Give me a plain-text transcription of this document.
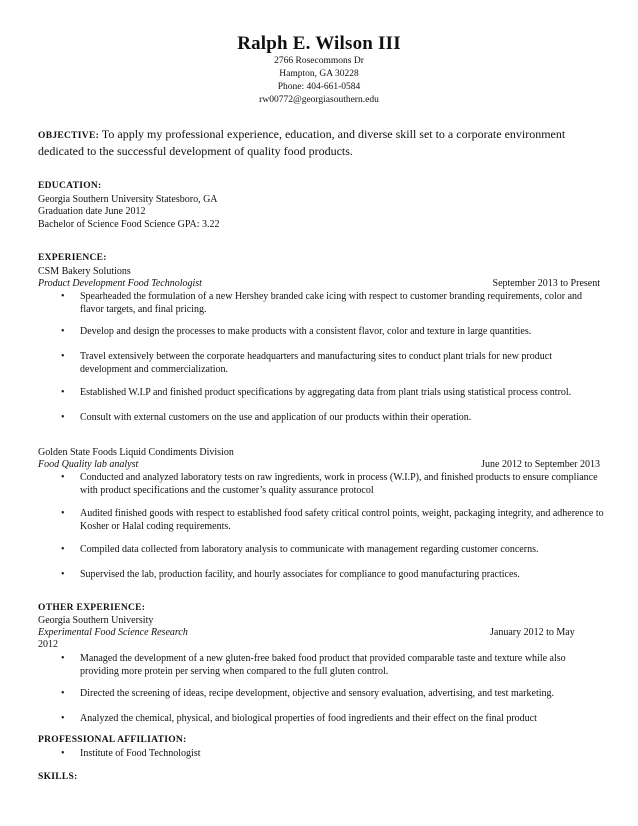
Ralph E. Wilson III
2766 Rosecommons Dr
Hampton, GA 30228
Phone: 404-661-0584
rw00772@georgiasouthern.edu
OBJECTIVE: To apply my professional experience, education, and diverse skill set to a corporate environment dedicated to the successful development of quality food products.
EDUCATION:
Georgia Southern University Statesboro, GA
Graduation date June 2012
Bachelor of Science Food Science GPA: 3.22
EXPERIENCE:
CSM Bakery Solutions
Product Development Food Technologist	September 2013 to Present
• Spearheaded the formulation of a new Hershey branded cake icing with respect to customer branding requirements, color and flavor targets, and final pricing.
• Develop and design the processes to make products with a consistent flavor, color and texture in large quantities.
• Travel extensively between the corporate headquarters and manufacturing sites to conduct plant trials for new product development and commercialization.
• Established W.I.P and finished product specifications by aggregating data from plant trials using statistical process control.
• Consult with external customers on the use and application of our products within their operation.
Golden State Foods Liquid Condiments Division
Food Quality lab analyst	June 2012 to September 2013
• Conducted and analyzed laboratory tests on raw ingredients, work in process (W.I.P), and finished products to ensure compliance with product specifications and the customer’s quality assurance protocol
• Audited finished goods with respect to established food safety critical control points, weight, packaging integrity, and adherence to Kosher or Halal coding requirements.
• Compiled data collected from laboratory analysis to communicate with management regarding customer concerns.
• Supervised the lab, production facility, and hourly associates for compliance to good manufacturing practices.
OTHER EXPERIENCE:
Georgia Southern University
Experimental Food Science Research	January 2012 to May
2012
• Managed the development of a new gluten-free baked food product that provided comparable taste and texture while also providing more protein per serving when compared to the full gluten control.
• Directed the screening of ideas, recipe development, objective and sensory evaluation, advertising, and test marketing.
• Analyzed the chemical, physical, and biological properties of food ingredients and their effect on the final product
PROFESSIONAL AFFILIATION:
• Institute of Food Technologist
SKILLS:
